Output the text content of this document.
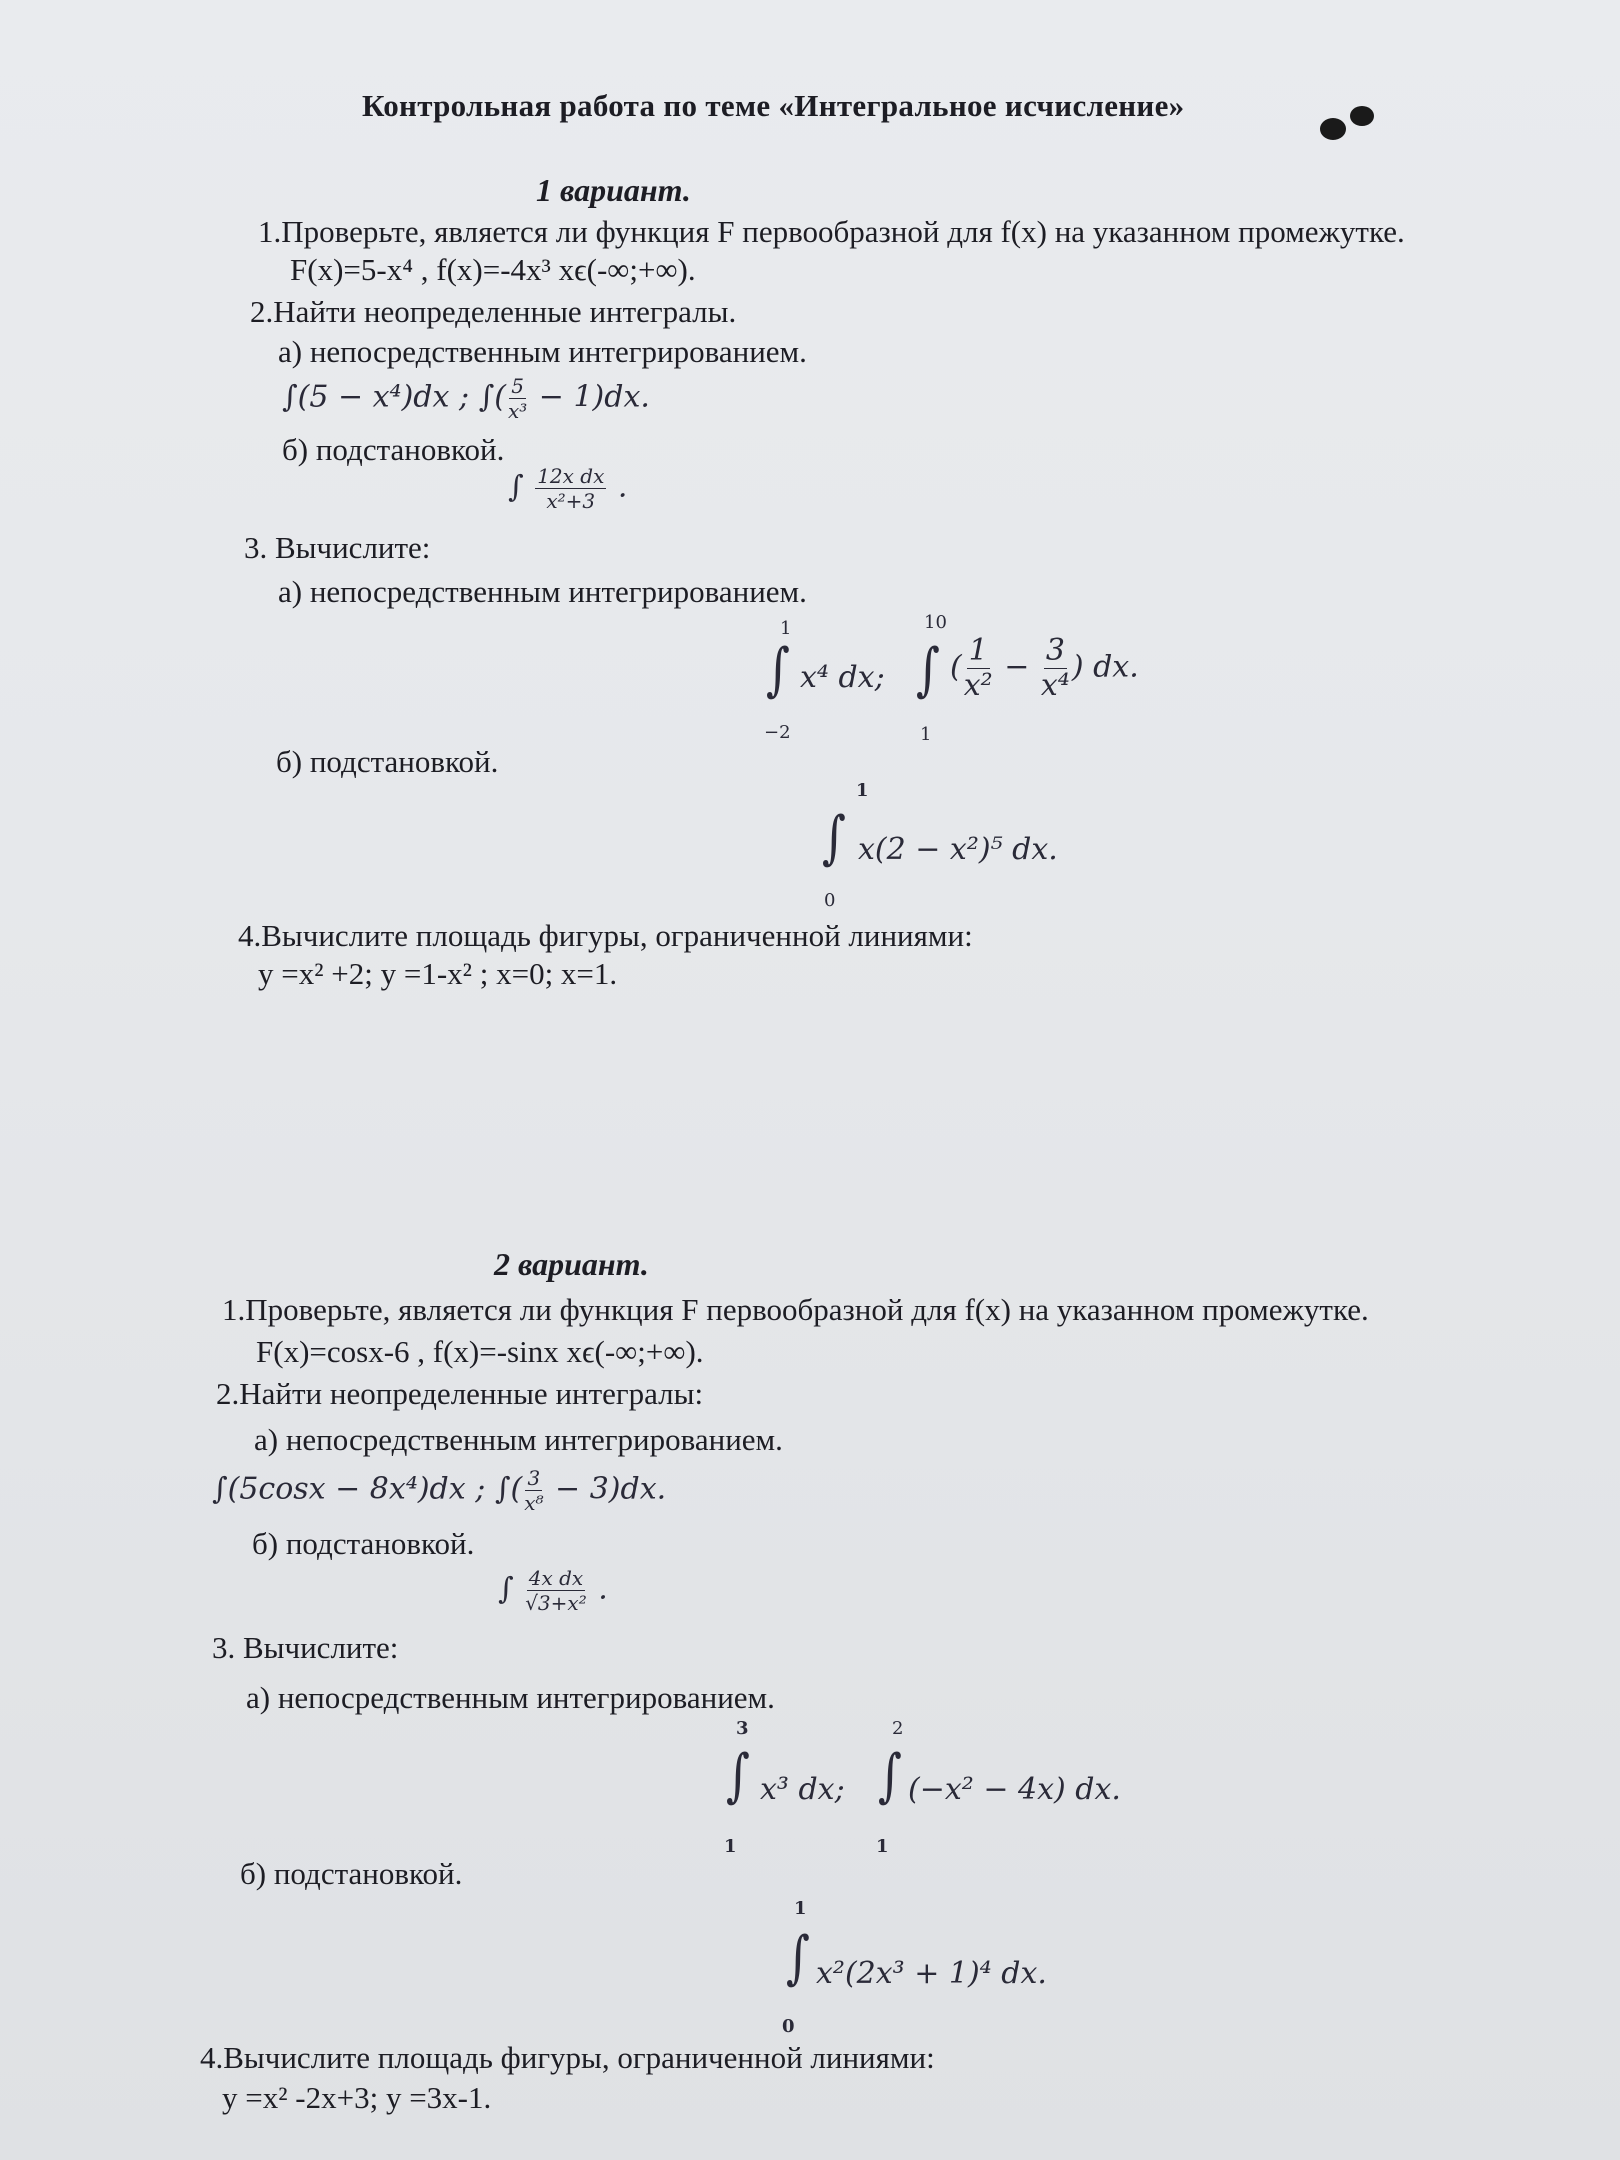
Контрольная работа по теме «Интегральное исчисление»
1 вариант.
1.Проверьте, является ли функция F первообразной для f(x) на указанном промежутке.
F(x)=5-x⁴ , f(x)=-4x³ xϵ(-∞;+∞).
2.Найти неопределенные интегралы.
а) непосредственным интегрированием.
∫(5 − x⁴)dx ; ∫( $\frac{5}{\text{x³}} - 1)dx$.
б) подстановкой.
∫ $\frac{\text{12x dx}}{\text{x²+3}}$ .
3. Вычислите:
а) непосредственным интегрированием.
1
∫
−2
x⁴ dx;
10
∫
1
( $\frac{1}{\text{x²}} - \frac{3}{\text{x⁴}}$ ) dx.
б) подстановкой.
1
∫
0
x(2 − x²)⁵ dx.
4.Вычислите площадь фигуры, ограниченной линиями:
y =x² +2; y =1-x² ; x=0; x=1.
2 вариант.
1.Проверьте, является ли функция F первообразной для f(x) на указанном промежутке.
F(x)=cosx-6 , f(x)=-sinx xϵ(-∞;+∞).
2.Найти неопределенные интегралы:
а) непосредственным интегрированием.
∫(5cosx − 8x⁴)dx ; ∫( $\frac{3}{\text{x⁸}} - 3)dx$.
б) подстановкой.
∫ $\frac{\text{4x dx}}{\text{√3+x²}}$ .
3. Вычислите:
а) непосредственным интегрированием.
3
∫
1
x³ dx;
2
∫
1
(−x² − 4x) dx.
б) подстановкой.
1
∫
0
x²(2x³ + 1)⁴ dx.
4.Вычислите площадь фигуры, ограниченной линиями:
y =x² -2x+3; y =3x-1.
